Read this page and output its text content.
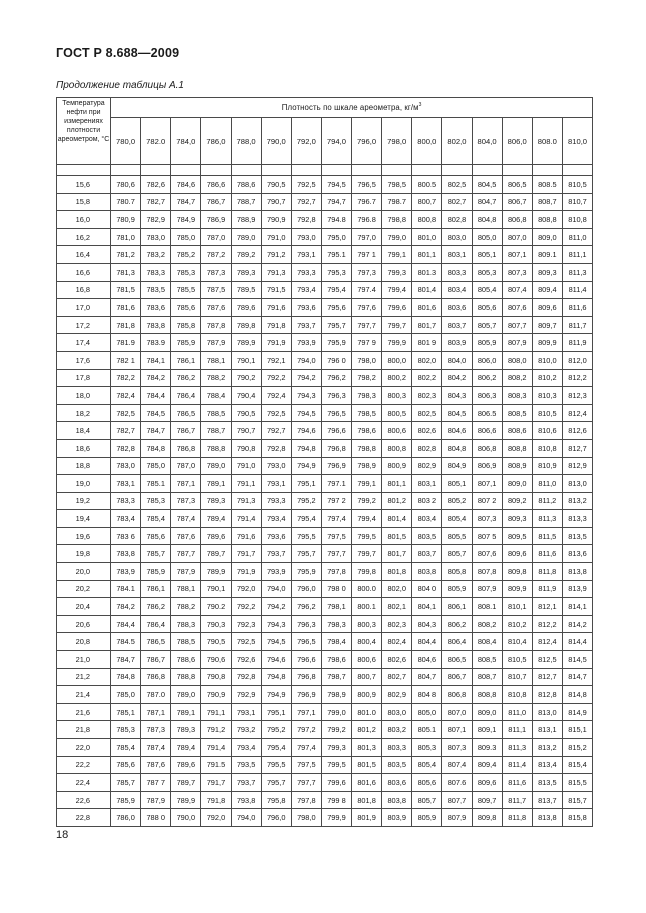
ГОСТ Р 8.688—2009
Продолжение таблицы А.1
Температура нефти при измерениях плотности ареометром, °С	Плотность по шкале ареометра, $кг/м^3$
	780,0	782.0	784,0	786,0	788,0	790,0	792,0	794,0	796,0	798,0	800,0	802,0	804,0	806,0	808.0	810,0

15,6	780,6	782,6	784,6	786,6	788,6	790,5	792,5	794,5	796,5	798,5	800.5	802,5	804,5	806,5	808.5	810,5
15,8	780.7	782,7	784,7	786,7	788,7	790,7	792,7	794,7	796.7	798.7	800,7	802,7	804,7	806,7	808,7	810,7
16,0	780,9	782,9	784,9	786,9	788,9	790,9	792,8	794.8	796.8	798,8	800,8	802,8	804,8	806,8	808,8	810,8
16,2	781,0	783,0	785,0	787,0	789,0	791,0	793,0	795,0	797,0	799,0	801,0	803,0	805,0	807,0	809,0	811,0
16,4	781,2	783,2	785,2	787,2	789,2	791,2	793,1	795.1	797 1	799,1	801,1	803,1	805,1	807,1	809.1	811,1
16,6	781,3	783,3	785,3	787,3	789,3	791,3	793,3	795,3	797,3	799,3	801.3	803,3	805,3	807,3	809,3	811,3
16,8	781,5	783,5	785,5	787,5	789,5	791,5	793,4	795,4	797.4	799,4	801,4	803,4	805,4	807,4	809,4	811,4
17,0	781,6	783,6	785,6	787,6	789,6	791,6	793,6	795,6	797,6	799,6	801,6	803,6	805,6	807,6	809,6	811,6
17,2	781,8	783,8	785,8	787,8	789,8	791,8	793,7	795,7	797,7	799,7	801,7	803,7	805,7	807,7	809,7	811,7
17,4	781.9	783.9	785,9	787,9	789,9	791,9	793,9	795,9	797 9	799,9	801 9	803,9	805,9	807,9	809,9	811,9
17,6	782 1	784,1	786,1	788,1	790,1	792,1	794,0	796 0	798,0	800,0	802,0	804,0	806,0	808,0	810,0	812,0
17,8	782,2	784,2	786,2	788,2	790,2	792,2	794,2	796,2	798,2	800,2	802,2	804,2	806,2	808,2	810,2	812,2
18,0	782,4	784,4	786,4	788,4	790,4	792,4	794,3	796,3	798,3	800,3	802,3	804,3	806,3	808,3	810,3	812,3
18,2	782,5	784,5	786,5	788,5	790,5	792,5	794,5	796,5	798,5	800,5	802,5	804,5	806.5	808,5	810,5	812,4
18,4	782,7	784,7	786,7	788,7	790,7	792,7	794,6	796,6	798,6	800,6	802,6	804,6	806,6	808,6	810,6	812,6
18,6	782,8	784,8	786,8	788,8	790,8	792,8	794,8	796,8	798,8	800,8	802,8	804,8	806,8	808,8	810,8	812,7
18,8	783,0	785,0	787,0	789,0	791,0	793,0	794,9	796,9	798,9	800,9	802,9	804,9	806,9	808,9	810,9	812,9
19,0	783,1	785.1	787,1	789,1	791,1	793,1	795,1	797.1	799,1	801,1	803,1	805,1	807,1	809,0	811,0	813,0
19,2	783,3	785,3	787,3	789,3	791,3	793,3	795,2	797 2	799,2	801,2	803 2	805,2	807 2	809,2	811,2	813,2
19,4	783,4	785,4	787,4	789,4	791,4	793,4	795,4	797,4	799,4	801,4	803,4	805,4	807,3	809,3	811,3	813,3
19,6	783 6	785,6	787,6	789,6	791,6	793,6	795,5	797,5	799,5	801,5	803,5	805,5	807 5	809,5	811,5	813,5
19,8	783,8	785,7	787,7	789,7	791,7	793,7	795,7	797,7	799,7	801,7	803,7	805,7	807,6	809,6	811,6	813,6
20,0	783,9	785,9	787,9	789,9	791,9	793,9	795,9	797,8	799,8	801,8	803,8	805,8	807,8	809,8	811,8	813,8
20,2	784.1	786,1	788,1	790,1	792,0	794,0	796,0	798 0	800.0	802,0	804 0	805,9	807,9	809,9	811,9	813,9
20,4	784,2	786,2	788,2	790.2	792,2	794,2	796,2	798,1	800.1	802,1	804,1	806,1	808.1	810,1	812,1	814,1
20,6	784,4	786,4	788,3	790,3	792,3	794,3	796,3	798,3	800,3	802,3	804,3	806,2	808,2	810,2	812,2	814,2
20,8	784.5	786,5	788,5	790,5	792,5	794,5	796,5	798,4	800,4	802,4	804,4	806,4	808,4	810,4	812,4	814,4
21,0	784,7	786,7	788,6	790,6	792,6	794,6	796,6	798,6	800,6	802,6	804,6	806,5	808,5	810,5	812,5	814,5
21,2	784,8	786,8	788,8	790,8	792,8	794,8	796,8	798,7	800,7	802,7	804,7	806,7	808,7	810,7	812,7	814,7
21,4	785,0	787.0	789,0	790,9	792,9	794,9	796,9	798,9	800,9	802,9	804 8	806,8	808,8	810,8	812,8	814,8
21,6	785,1	787,1	789,1	791,1	793,1	795,1	797,1	799,0	801.0	803,0	805,0	807,0	809,0	811,0	813,0	814,9
21,8	785,3	787,3	789,3	791,2	793,2	795,2	797,2	799,2	801,2	803,2	805.1	807,1	809,1	811,1	813,1	815,1
22,0	785,4	787,4	789,4	791,4	793,4	795,4	797,4	799,3	801,3	803,3	805,3	807,3	809.3	811,3	813,2	815,2
22,2	785,6	787,6	789,6	791.5	793,5	795,5	797,5	799,5	801,5	803,5	805,4	807,4	809,4	811,4	813,4	815,4
22,4	785,7	787 7	789,7	791,7	793,7	795,7	797,7	799,6	801,6	803,6	805,6	807.6	809,6	811,6	813,5	815,5
22,6	785,9	787,9	789,9	791,8	793,8	795,8	797,8	799 8	801,8	803,8	805,7	807,7	809,7	811,7	813,7	815,7
22,8	786,0	788 0	790,0	792,0	794,0	796,0	798,0	799,9	801,9	803,9	805,9	807,9	809,8	811,8	813,8	815,8
18
